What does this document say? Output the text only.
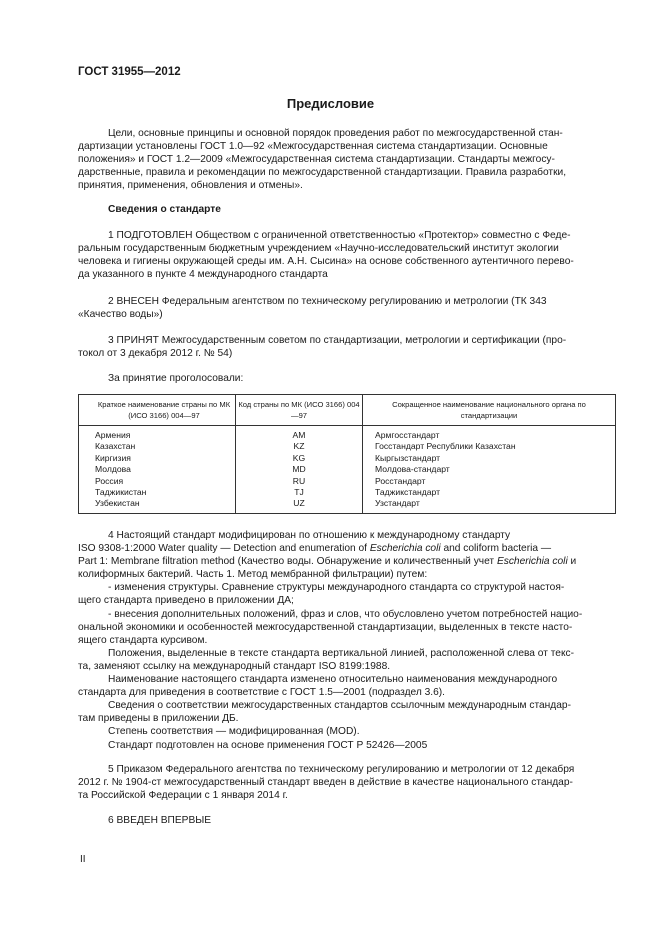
ГОСТ 31955—2012
Предисловие
Цели, основные принципы и основной порядок проведения работ по межгосударственной стан-
дартизации установлены ГОСТ 1.0—92 «Межгосударственная система стандартизации. Основные
положения» и ГОСТ 1.2—2009 «Межгосударственная система стандартизации. Стандарты межгосу-
дарственные, правила и рекомендации по межгосударственной стандартизации. Правила разработки,
принятия, применения, обновления и отмены».
Сведения о стандарте
1 ПОДГОТОВЛЕН Обществом с ограниченной ответственностью «Протектор» совместно с Феде-
ральным государственным бюджетным учреждением «Научно-исследовательский институт экологии
человека и гигиены окружающей среды им. А.Н. Сысина» на основе собственного аутентичного перево-
да указанного в пункте 4 международного стандарта
2 ВНЕСЕН Федеральным агентством по техническому регулированию и метрологии (ТК 343
«Качество воды»)
3 ПРИНЯТ Межгосударственным советом по стандартизации, метрологии и сертификации (про-
токол от 3 декабря 2012 г. № 54)
За принятие проголосовали:
Краткое наименование страны по МК (ИСО 3166) 004—97	Код страны по МК (ИСО 3166) 004—97	Сокращенное наименование национального органа по стандартизации
Армения	AM	Армгосстандарт
Казахстан	KZ	Госстандарт Республики Казахстан
Киргизия	KG	Кыргызстандарт
Молдова	MD	Молдова-стандарт
Россия	RU	Росстандарт
Таджикистан	TJ	Таджикстандарт
Узбекистан	UZ	Узстандарт
4 Настоящий стандарт модифицирован по отношению к международному стандарту
ISO 9308-1:2000 Water quality — Detection and enumeration of Escherichia coli and coliform bacteria —
Part 1: Membrane filtration method (Качество воды. Обнаружение и количественный учет Escherichia coli и
колиформных бактерий. Часть 1. Метод мембранной фильтрации) путем:
- изменения структуры. Сравнение структуры международного стандарта со структурой настоя-
щего стандарта приведено в приложении ДА;
- внесения дополнительных положений, фраз и слов, что обусловлено учетом потребностей нацио-
ональной экономики и особенностей межгосударственной стандартизации, выделенных в тексте насто-
ящего стандарта курсивом.
Положения, выделенные в тексте стандарта вертикальной линией, расположенной слева от текс-
та, заменяют ссылку на международный стандарт ISO 8199:1988.
Наименование настоящего стандарта изменено относительно наименования международного
стандарта для приведения в соответствие с ГОСТ 1.5—2001 (подраздел 3.6).
Сведения о соответствии межгосударственных стандартов ссылочным международным стандар-
там приведены в приложении ДБ.
Степень соответствия — модифицированная (MOD).
Стандарт подготовлен на основе применения ГОСТ Р 52426—2005
5 Приказом Федерального агентства по техническому регулированию и метрологии от 12 декабря
2012 г. № 1904-ст межгосударственный стандарт введен в действие в качестве национального стандар-
та Российской Федерации с 1 января 2014 г.
6 ВВЕДЕН ВПЕРВЫЕ
II
